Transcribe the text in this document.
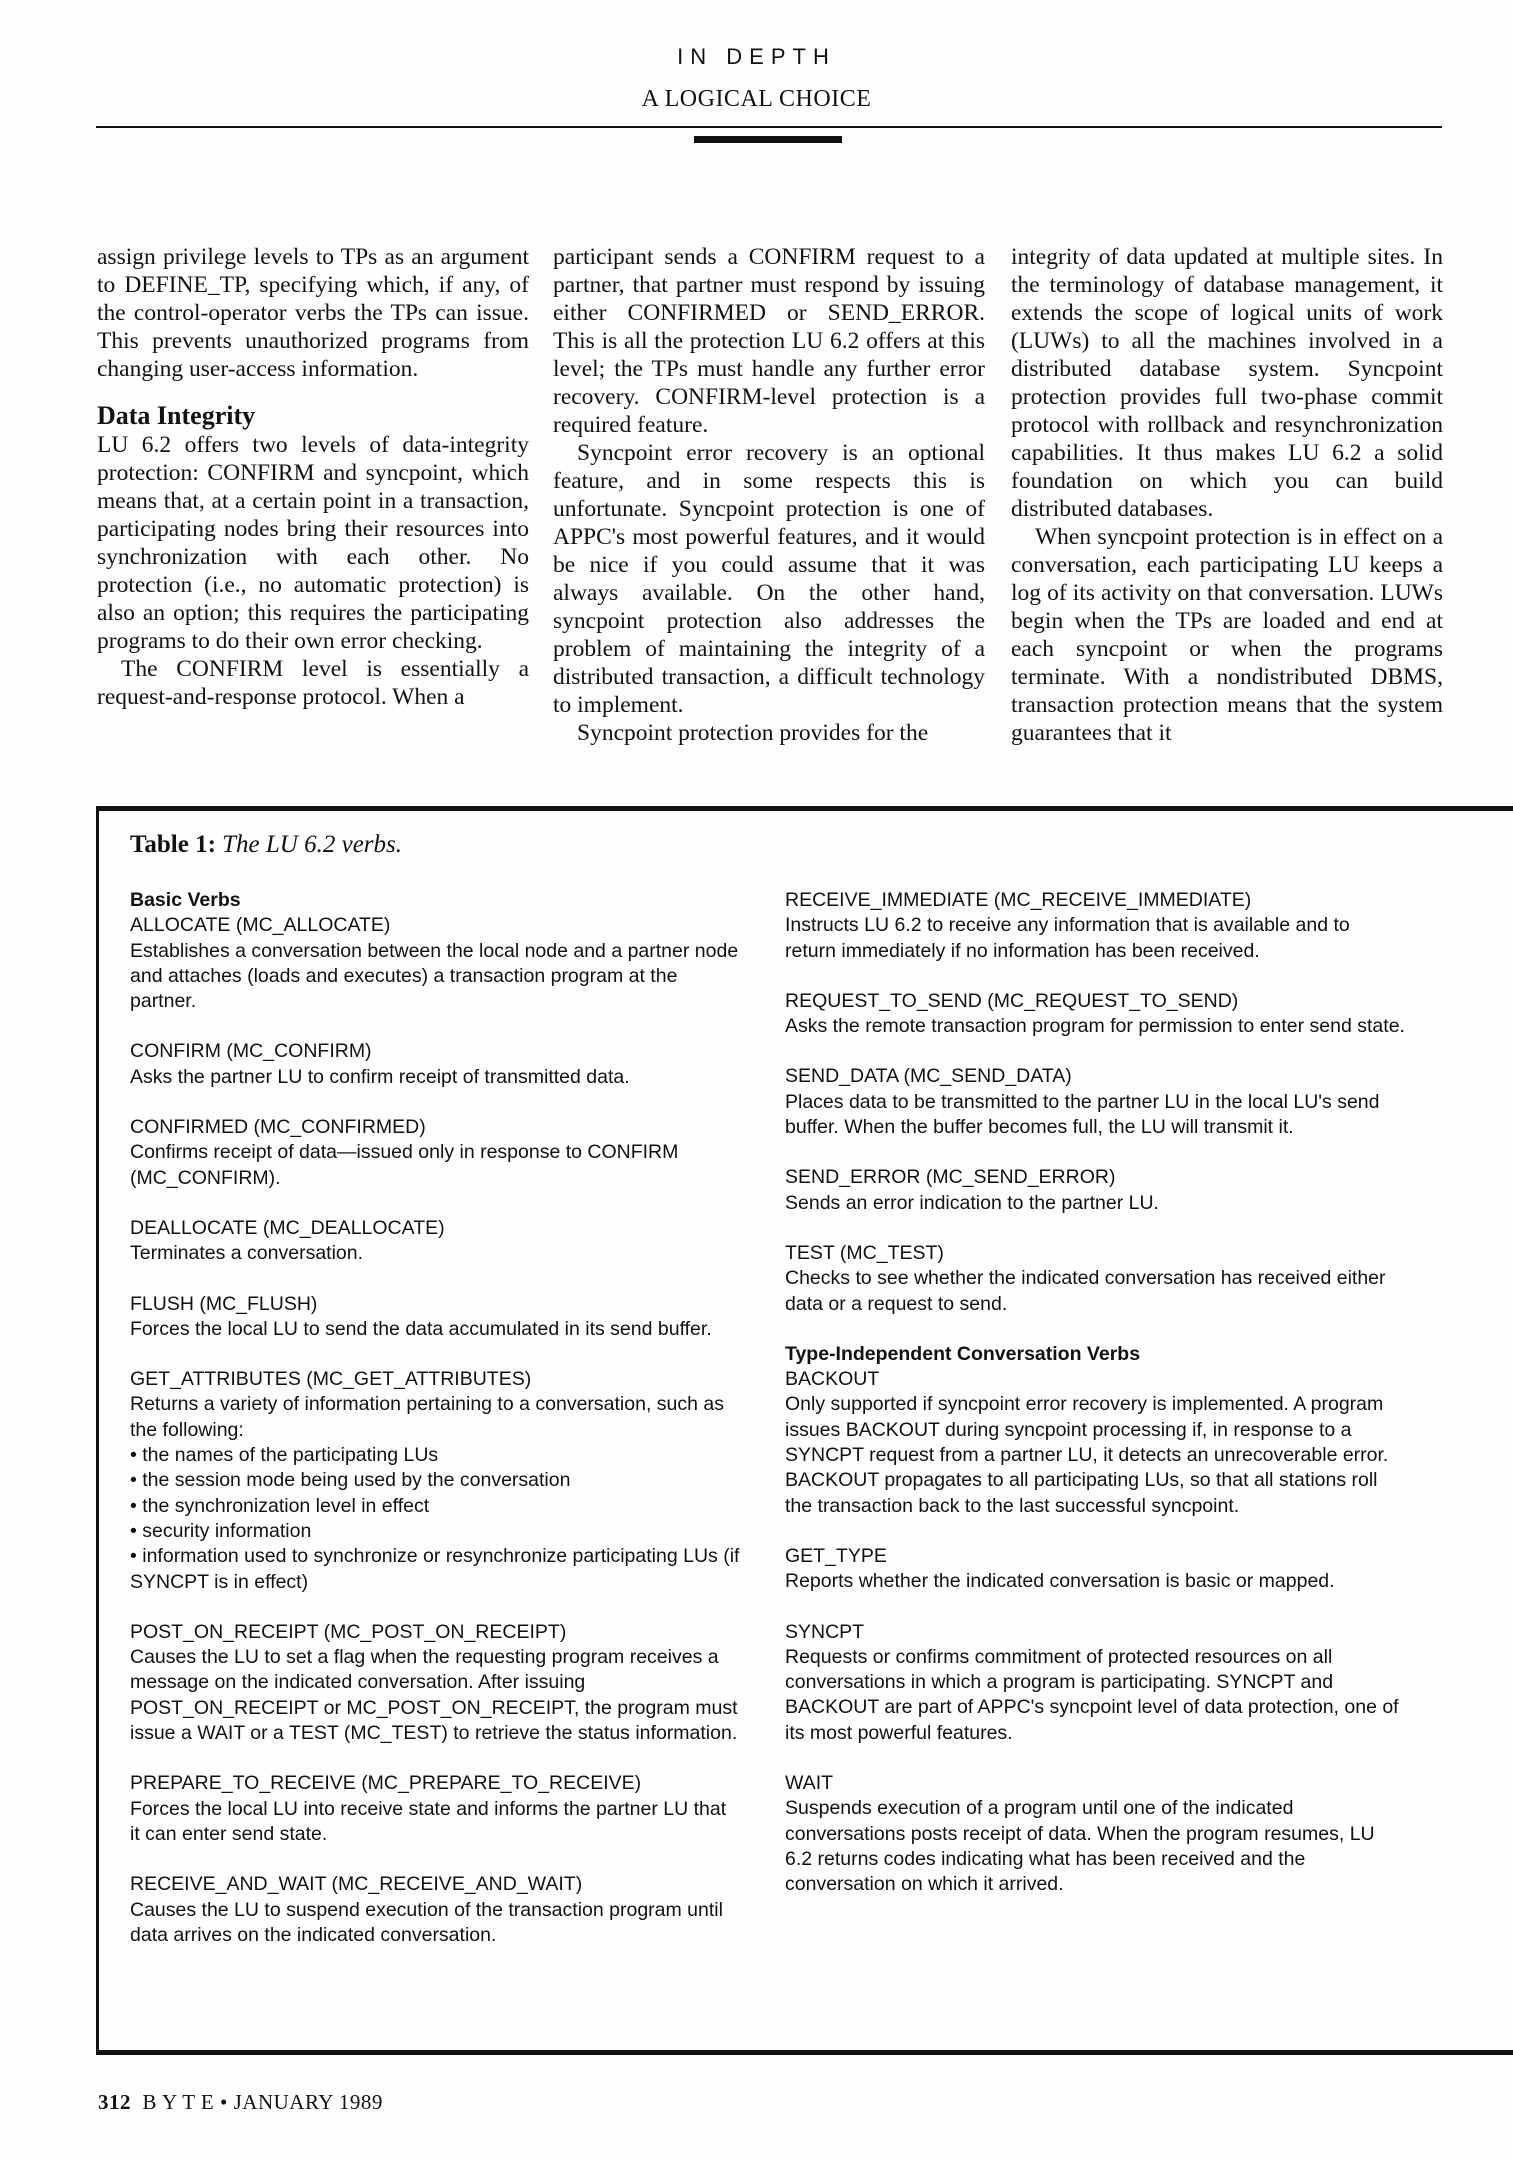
IN DEPTH
A LOGICAL CHOICE

assign privilege levels to TPs as an argument to DEFINE_TP, specifying which, if any, of the control-operator verbs the TPs can issue. This prevents unauthorized programs from changing user-access information.

Data Integrity

LU 6.2 offers two levels of data-integrity protection: CONFIRM and syncpoint, which means that, at a certain point in a transaction, participating nodes bring their resources into synchronization with each other. No protection (i.e., no automatic protection) is also an option; this requires the participating programs to do their own error checking.

The CONFIRM level is essentially a request-and-response protocol. When a

participant sends a CONFIRM request to a partner, that partner must respond by issuing either CONFIRMED or SEND_ERROR. This is all the protection LU 6.2 offers at this level; the TPs must handle any further error recovery. CONFIRM-level protection is a required feature.

Syncpoint error recovery is an optional feature, and in some respects this is unfortunate. Syncpoint protection is one of APPC's most powerful features, and it would be nice if you could assume that it was always available. On the other hand, syncpoint protection also addresses the problem of maintaining the integrity of a distributed transaction, a difficult technology to implement.

Syncpoint protection provides for the

integrity of data updated at multiple sites. In the terminology of database management, it extends the scope of logical units of work (LUWs) to all the machines involved in a distributed database system. Syncpoint protection provides full two-phase commit protocol with rollback and resynchronization capabilities. It thus makes LU 6.2 a solid foundation on which you can build distributed databases.

When syncpoint protection is in effect on a conversation, each participating LU keeps a log of its activity on that conversation. LUWs begin when the TPs are loaded and end at each syncpoint or when the programs terminate. With a nondistributed DBMS, transaction protection means that the system guarantees that it

Table 1: The LU 6.2 verbs.
Basic Verbs
ALLOCATE (MC_ALLOCATE)
Establishes a conversation between the local node and a partner node and attaches (loads and executes) a transaction program at the partner.
CONFIRM (MC_CONFIRM)
Asks the partner LU to confirm receipt of transmitted data.
CONFIRMED (MC_CONFIRMED)
Confirms receipt of data—issued only in response to CONFIRM (MC_CONFIRM).
DEALLOCATE (MC_DEALLOCATE)
Terminates a conversation.
FLUSH (MC_FLUSH)
Forces the local LU to send the data accumulated in its send buffer.
GET_ATTRIBUTES (MC_GET_ATTRIBUTES)
Returns a variety of information pertaining to a conversation, such as the following:
• the names of the participating LUs
• the session mode being used by the conversation
• the synchronization level in effect
• security information
• information used to synchronize or resynchronize participating LUs (if SYNCPT is in effect)
POST_ON_RECEIPT (MC_POST_ON_RECEIPT)
Causes the LU to set a flag when the requesting program receives a message on the indicated conversation. After issuing POST_ON_RECEIPT or MC_POST_ON_RECEIPT, the program must issue a WAIT or a TEST (MC_TEST) to retrieve the status information.
PREPARE_TO_RECEIVE (MC_PREPARE_TO_RECEIVE)
Forces the local LU into receive state and informs the partner LU that it can enter send state.
RECEIVE_AND_WAIT (MC_RECEIVE_AND_WAIT)
Causes the LU to suspend execution of the transaction program until data arrives on the indicated conversation.
RECEIVE_IMMEDIATE (MC_RECEIVE_IMMEDIATE)
Instructs LU 6.2 to receive any information that is available and to return immediately if no information has been received.
REQUEST_TO_SEND (MC_REQUEST_TO_SEND)
Asks the remote transaction program for permission to enter send state.
SEND_DATA (MC_SEND_DATA)
Places data to be transmitted to the partner LU in the local LU's send buffer. When the buffer becomes full, the LU will transmit it.
SEND_ERROR (MC_SEND_ERROR)
Sends an error indication to the partner LU.
TEST (MC_TEST)
Checks to see whether the indicated conversation has received either data or a request to send.
Type-Independent Conversation Verbs
BACKOUT
Only supported if syncpoint error recovery is implemented. A program issues BACKOUT during syncpoint processing if, in response to a SYNCPT request from a partner LU, it detects an unrecoverable error. BACKOUT propagates to all participating LUs, so that all stations roll the transaction back to the last successful syncpoint.
GET_TYPE
Reports whether the indicated conversation is basic or mapped.
SYNCPT
Requests or confirms commitment of protected resources on all conversations in which a program is participating. SYNCPT and BACKOUT are part of APPC's syncpoint level of data protection, one of its most powerful features.
WAIT
Suspends execution of a program until one of the indicated conversations posts receipt of data. When the program resumes, LU 6.2 returns codes indicating what has been received and the conversation on which it arrived.
312 B Y T E • JANUARY 1989
